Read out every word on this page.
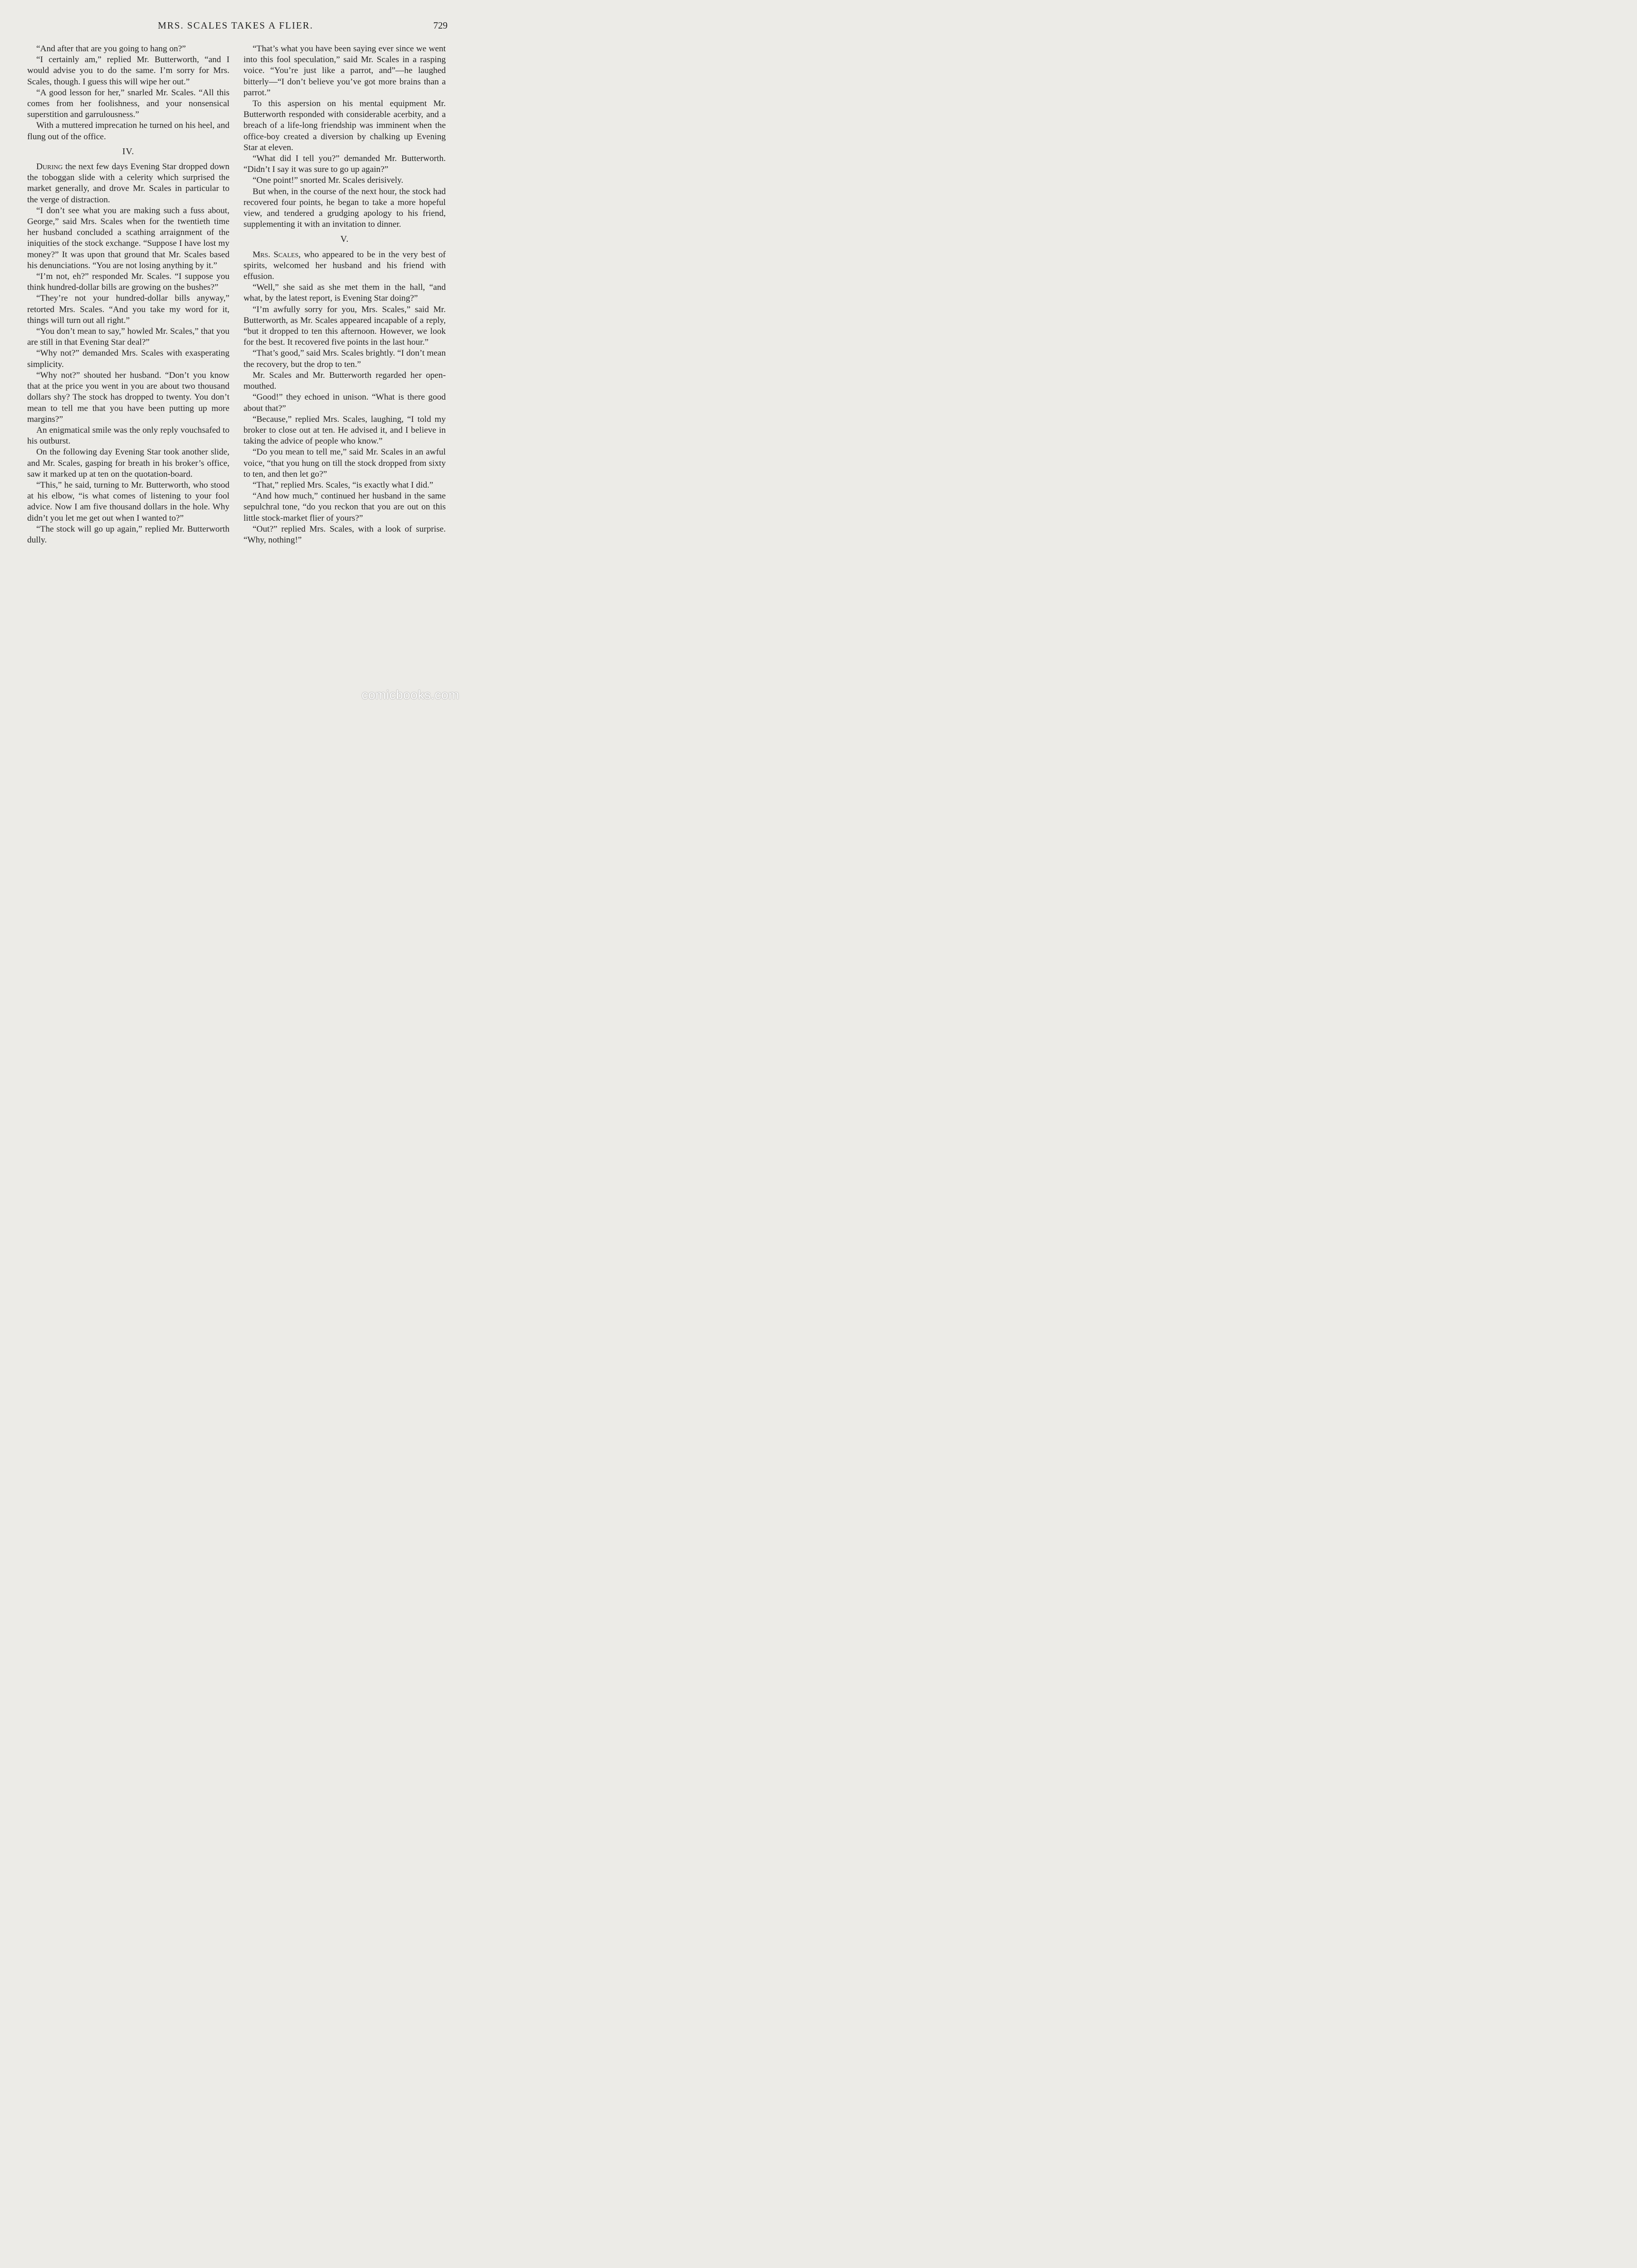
MRS. SCALES TAKES A FLIER.	729

“And after that are you going to hang on?”

“I certainly am,” replied Mr. Butterworth, “and I would advise you to do the same. I’m sorry for Mrs. Scales, though. I guess this will wipe her out.”

“A good lesson for her,” snarled Mr. Scales. “All this comes from her foolishness, and your nonsensical superstition and garrulousness.”

With a muttered imprecation he turned on his heel, and flung out of the office.

IV.

During the next few days Evening Star dropped down the toboggan slide with a celerity which surprised the market generally, and drove Mr. Scales in particular to the verge of distraction.

“I don’t see what you are making such a fuss about, George,” said Mrs. Scales when for the twentieth time her husband concluded a scathing arraignment of the iniquities of the stock exchange. “Suppose I have lost my money?” It was upon that ground that Mr. Scales based his denunciations. “You are not losing anything by it.”

“I’m not, eh?” responded Mr. Scales. “I suppose you think hundred-dollar bills are growing on the bushes?”

“They’re not your hundred-dollar bills anyway,” retorted Mrs. Scales. “And you take my word for it, things will turn out all right.”

“You don’t mean to say,” howled Mr. Scales,” that you are still in that Evening Star deal?”

“Why not?” demanded Mrs. Scales with exasperating simplicity.

“Why not?” shouted her husband. “Don’t you know that at the price you went in you are about two thousand dollars shy? The stock has dropped to twenty. You don’t mean to tell me that you have been putting up more margins?”

An enigmatical smile was the only reply vouchsafed to his outburst.

On the following day Evening Star took another slide, and Mr. Scales, gasping for breath in his broker’s office, saw it marked up at ten on the quotation-board.

“This,” he said, turning to Mr. Butterworth, who stood at his elbow, “is what comes of listening to your fool advice. Now I am five thousand dollars in the hole. Why didn’t you let me get out when I wanted to?”

“The stock will go up again,” replied Mr. Butterworth dully.

“That’s what you have been saying ever since we went into this fool speculation,” said Mr. Scales in a rasping voice. “You’re just like a parrot, and”—he laughed bitterly—“I don’t believe you’ve got more brains than a parrot.”

To this aspersion on his mental equipment Mr. Butterworth responded with considerable acerbity, and a breach of a life-long friendship was imminent when the office-boy created a diversion by chalking up Evening Star at eleven.

“What did I tell you?” demanded Mr. Butterworth. “Didn’t I say it was sure to go up again?”

“One point!” snorted Mr. Scales derisively.

But when, in the course of the next hour, the stock had recovered four points, he began to take a more hopeful view, and tendered a grudging apology to his friend, supplementing it with an invitation to dinner.

V.

Mrs. Scales, who appeared to be in the very best of spirits, welcomed her husband and his friend with effusion.

“Well,” she said as she met them in the hall, “and what, by the latest report, is Evening Star doing?”

“I’m awfully sorry for you, Mrs. Scales,” said Mr. Butterworth, as Mr. Scales appeared incapable of a reply, “but it dropped to ten this afternoon. However, we look for the best. It recovered five points in the last hour.”

“That’s good,” said Mrs. Scales brightly. “I don’t mean the recovery, but the drop to ten.”

Mr. Scales and Mr. Butterworth regarded her open-mouthed.

“Good!” they echoed in unison. “What is there good about that?”

“Because,” replied Mrs. Scales, laughing, “I told my broker to close out at ten. He advised it, and I believe in taking the advice of people who know.”

“Do you mean to tell me,” said Mr. Scales in an awful voice, “that you hung on till the stock dropped from sixty to ten, and then let go?”

“That,” replied Mrs. Scales, “is exactly what I did.”

“And how much,” continued her husband in the same sepulchral tone, “do you reckon that you are out on this little stock-market flier of yours?”

“Out?” replied Mrs. Scales, with a look of surprise. “Why, nothing!”

comicbooks.com
